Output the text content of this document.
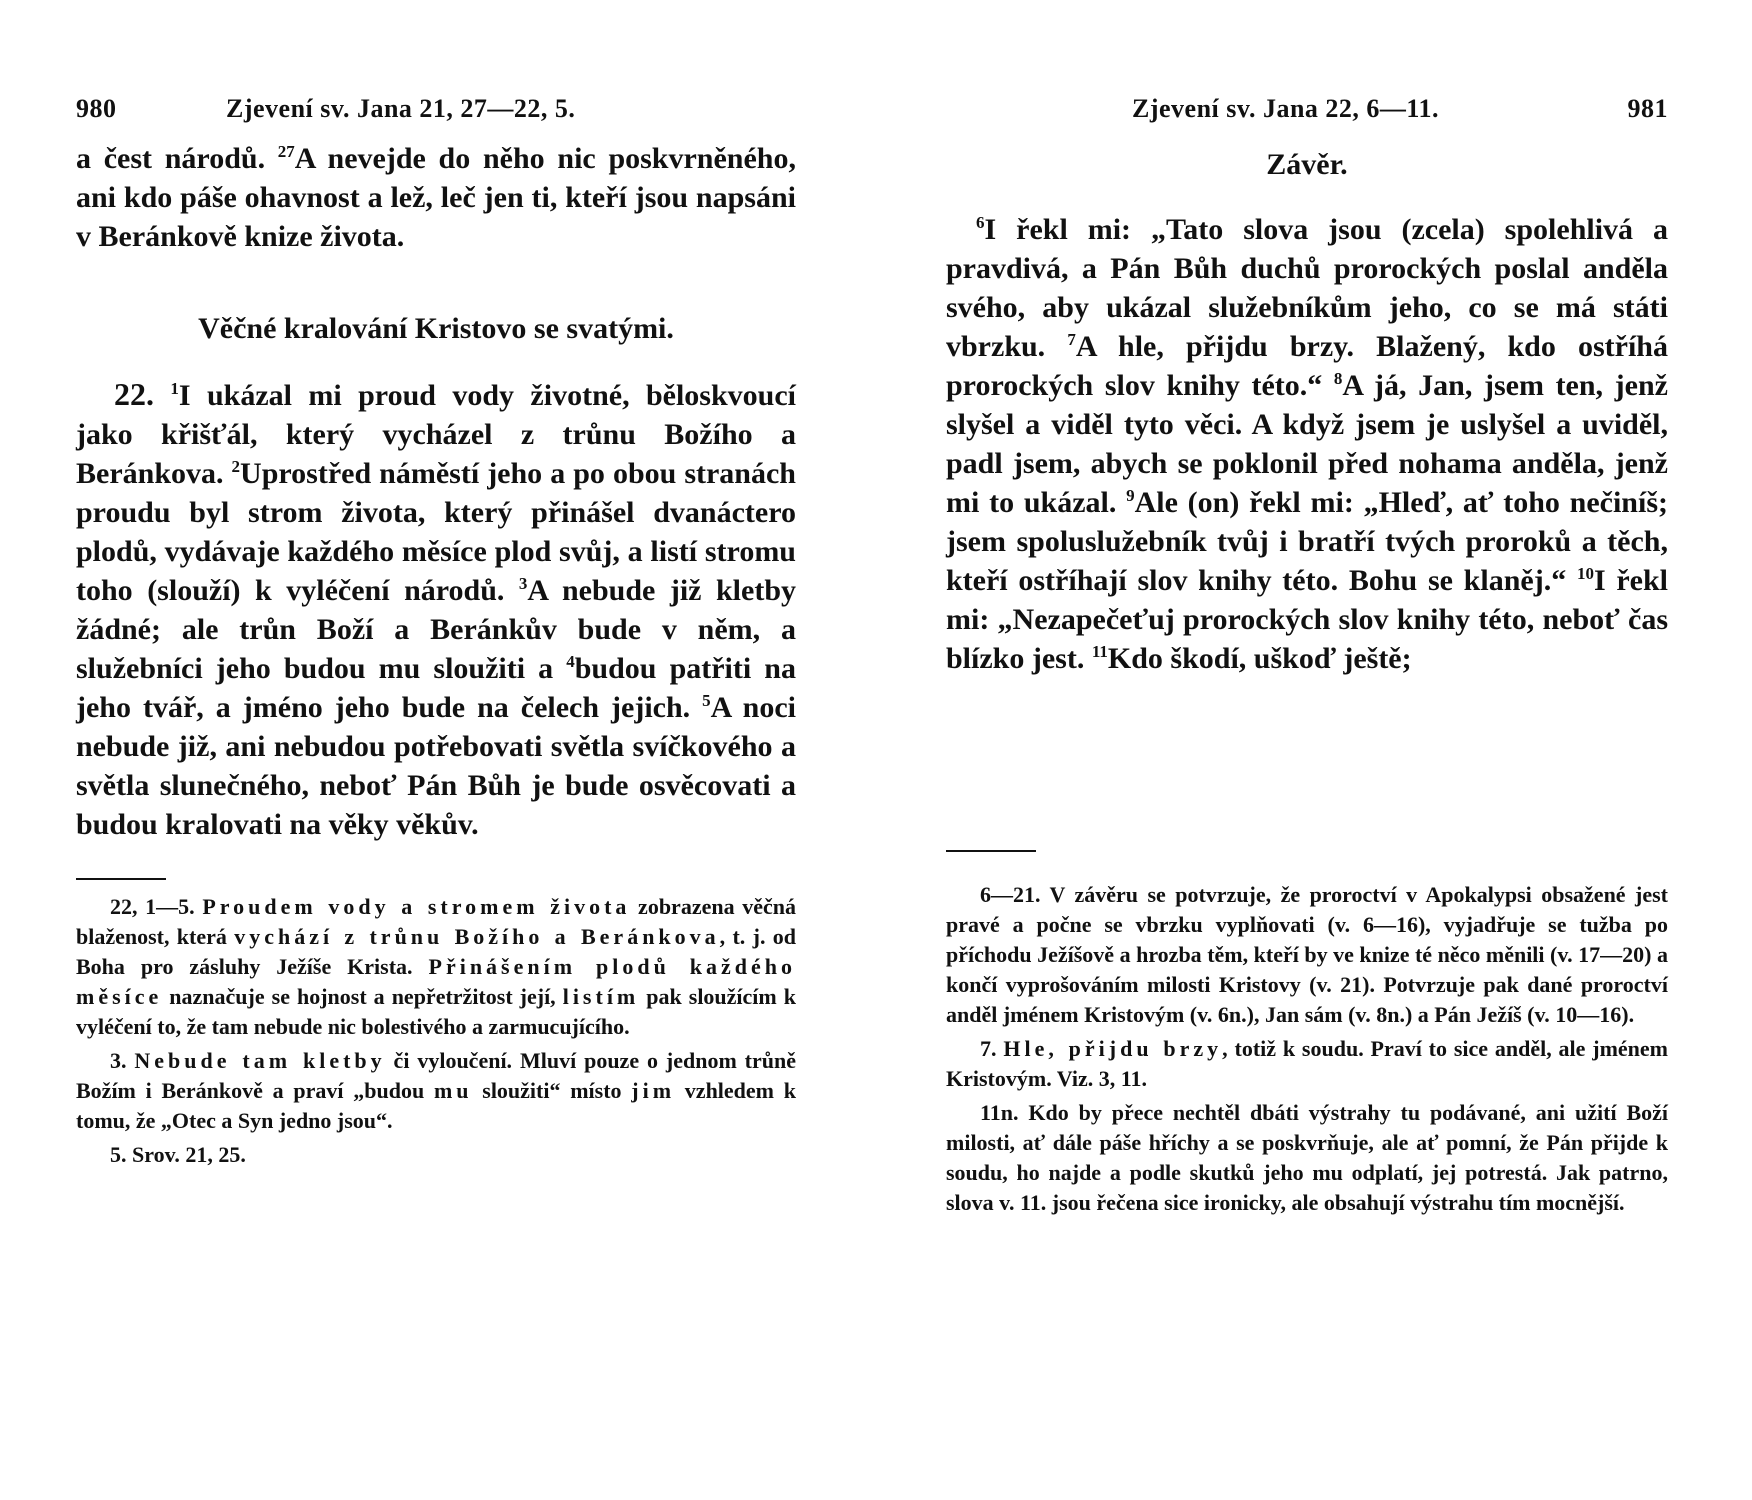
980	Zjevení sv. Jana 21, 27—22, 5.

a čest národů. $^{27}$A nevejde do něho nic poskvrněného, ani kdo páše ohavnost a lež, leč jen ti, kteří jsou napsáni v Beránkově knize života.

Věčné kralování Kristovo se svatými.

22. $^1$I ukázal mi proud vody životné, běloskvoucí jako křišťál, který vycházel z trůnu Božího a Beránkova. $^2$Uprostřed náměstí jeho a po obou stranách proudu byl strom života, který přinášel dvanáctero plodů, vydávaje každého měsíce plod svůj, a listí stromu toho (slouží) k vyléčení národů. $^3$A nebude již kletby žádné; ale trůn Boží a Beránkův bude v něm, a služebníci jeho budou mu sloužiti a $^4$budou patřiti na jeho tvář, a jméno jeho bude na čelech jejich. $^5$A noci nebude již, ani nebudou potřebovati světla svíčkového a světla slunečného, neboť Pán Bůh je bude osvěcovati a budou kralovati na věky věkův.

22, 1—5. Proudem vody a stromem života zobrazena věčná blaženost, která vychází z trůnu Božího a Beránkova, t. j. od Boha pro zásluhy Ježíše Krista. Přinášením plodů každého měsíce naznačuje se hojnost a nepřetržitost její, listím pak sloužícím k vyléčení to, že tam nebude nic bolestivého a zarmucujícího.

3. Nebude tam kletby či vyloučení. Mluví pouze o jednom trůně Božím i Beránkově a praví „budou mu sloužiti“ místo jim vzhledem k tomu, že „Otec a Syn jedno jsou“.

5. Srov. 21, 25.

Zjevení sv. Jana 22, 6—11.	981

Závěr.

$^6$I řekl mi: „Tato slova jsou (zcela) spolehlivá a pravdivá, a Pán Bůh duchů prorockých poslal anděla svého, aby ukázal služebníkům jeho, co se má státi vbrzku. $^7$A hle, přijdu brzy. Blažený, kdo ostříhá prorockých slov knihy této.“ $^8$A já, Jan, jsem ten, jenž slyšel a viděl tyto věci. A když jsem je uslyšel a uviděl, padl jsem, abych se poklonil před nohama anděla, jenž mi to ukázal. $^9$Ale (on) řekl mi: „Hleď, ať toho nečiníš; jsem spoluslužebník tvůj i bratří tvých proroků a těch, kteří ostříhají slov knihy této. Bohu se klaněj.“ $^{10}$I řekl mi: „Nezapečeťuj prorockých slov knihy této, neboť čas blízko jest. $^{11}$Kdo škodí, uškoď ještě;

6—21. V závěru se potvrzuje, že proroctví v Apokalypsi obsažené jest pravé a počne se vbrzku vyplňovati (v. 6—16), vyjadřuje se tužba po příchodu Ježíšově a hrozba těm, kteří by ve knize té něco měnili (v. 17—20) a končí vyprošováním milosti Kristovy (v. 21). Potvrzuje pak dané proroctví anděl jménem Kristovým (v. 6n.), Jan sám (v. 8n.) a Pán Ježíš (v. 10—16).

7. Hle, přijdu brzy, totiž k soudu. Praví to sice anděl, ale jménem Kristovým. Viz. 3, 11.

11n. Kdo by přece nechtěl dbáti výstrahy tu podávané, ani užití Boží milosti, ať dále páše hříchy a se poskvrňuje, ale ať pomní, že Pán přijde k soudu, ho najde a podle skutků jeho mu odplatí, jej potrestá. Jak patrno, slova v. 11. jsou řečena sice ironicky, ale obsahují výstrahu tím mocnější.
